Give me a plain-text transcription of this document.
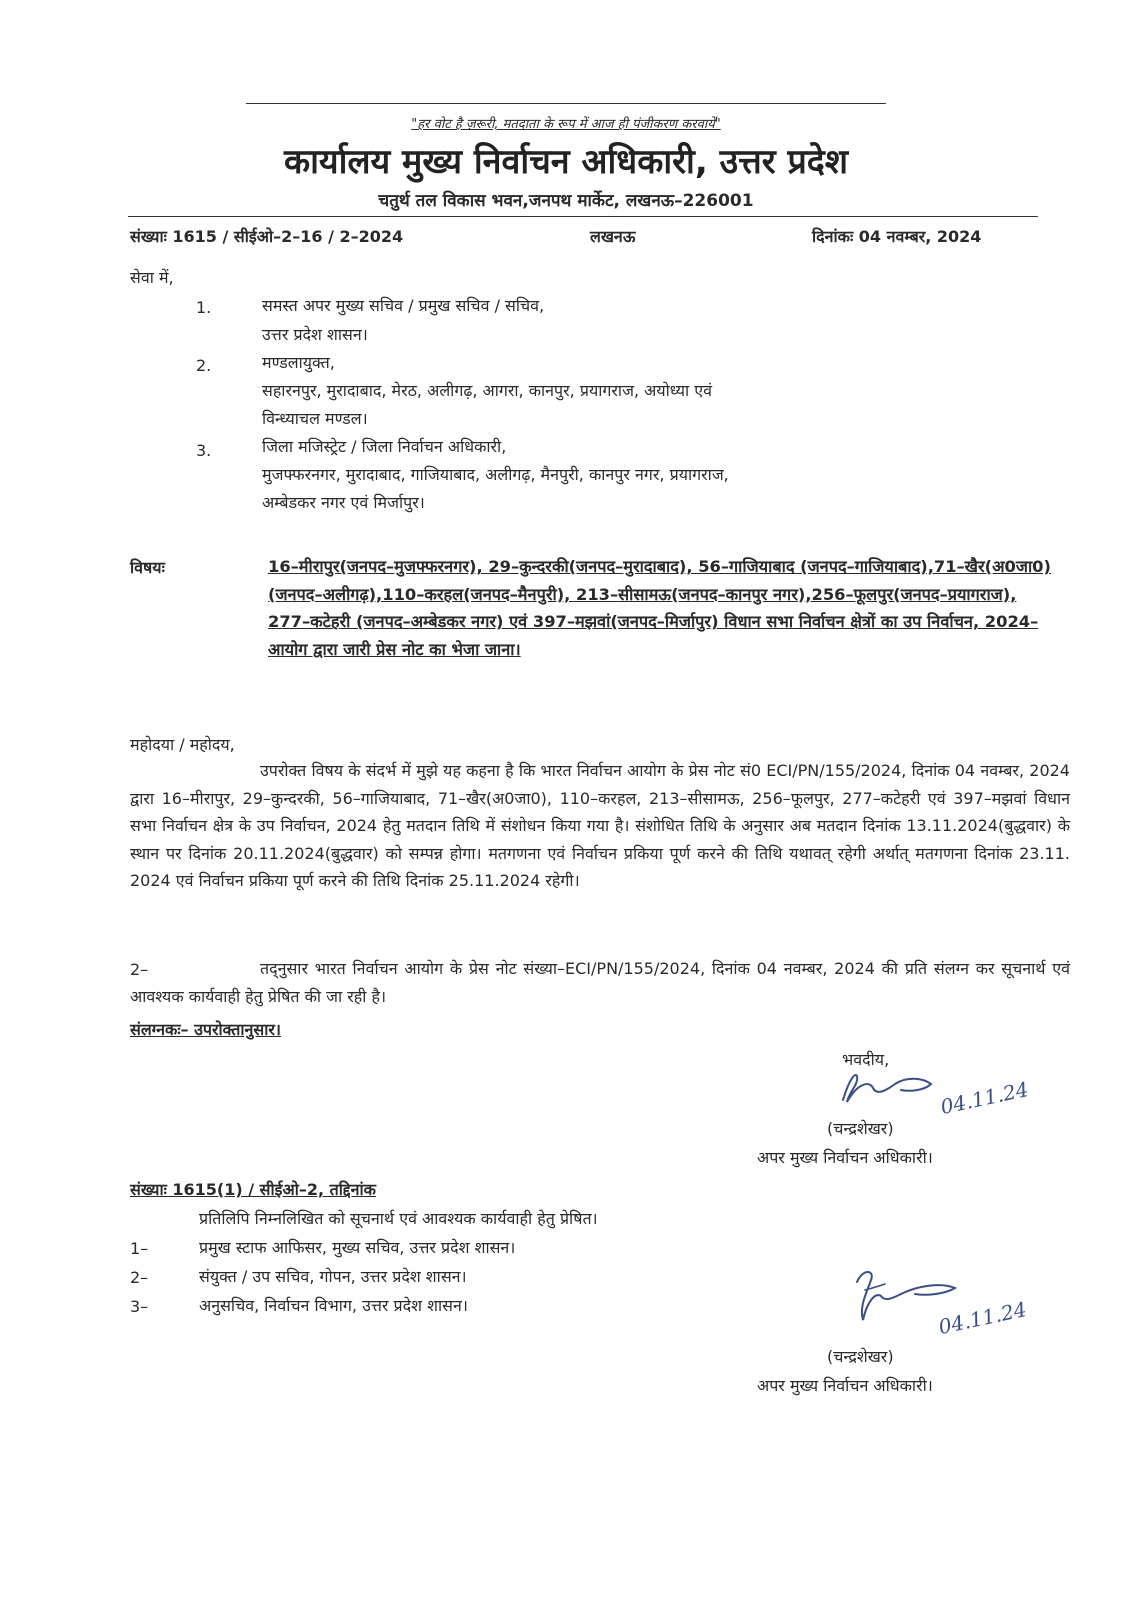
"हर वोट है ज़रूरी, मतदाता के रूप में आज ही पंजीकरण करवायें"
कार्यालय मुख्य निर्वाचन अधिकारी, उत्तर प्रदेश
चतुर्थ तल विकास भवन,जनपथ मार्केट, लखनऊ–226001
संख्याः 1615 / सीईओ–2–16 / 2–2024	लखनऊ	दिनांकः 04 नवम्बर, 2024
सेवा में,
1.	समस्त अपर मुख्य सचिव / प्रमुख सचिव / सचिव,
उत्तर प्रदेश शासन।
2.	मण्डलायुक्त,
सहारनपुर, मुरादाबाद, मेरठ, अलीगढ़, आगरा, कानपुर, प्रयागराज, अयोध्या एवं
विन्ध्याचल मण्डल।
3.	जिला मजिस्ट्रेट / जिला निर्वाचन अधिकारी,
मुजफ्फरनगर, मुरादाबाद, गाजियाबाद, अलीगढ़, मैनपुरी, कानपुर नगर, प्रयागराज,
अम्बेडकर नगर एवं मिर्जापुर।
विषयः	16–मीरापुर(जनपद–मुजफ्फरनगर), 29–कुन्दरकी(जनपद–मुरादाबाद), 56–गाजियाबाद (जनपद–गाजियाबाद),71–खैर(अ0जा0)(जनपद–अलीगढ़),110–करहल(जनपद–मैनपुरी), 213–सीसामऊ(जनपद–कानपुर नगर),256–फूलपुर(जनपद–प्रयागराज), 277–कटेहरी (जनपद–अम्बेडकर नगर) एवं 397–मझवां(जनपद–मिर्जापुर) विधान सभा निर्वाचन क्षेत्रों का उप निर्वाचन, 2024– आयोग द्वारा जारी प्रेस नोट का भेजा जाना।
महोदया / महोदय,
उपरोक्त विषय के संदर्भ में मुझे यह कहना है कि भारत निर्वाचन आयोग के प्रेस नोट सं0 ECI/PN/155/2024, दिनांक 04 नवम्बर, 2024 द्वारा 16–मीरापुर, 29–कुन्दरकी, 56–गाजियाबाद, 71–खैर(अ0जा0), 110–करहल, 213–सीसामऊ, 256–फूलपुर, 277–कटेहरी एवं 397–मझवां विधान सभा निर्वाचन क्षेत्र के उप निर्वाचन, 2024 हेतु मतदान तिथि में संशोधन किया गया है। संशोधित तिथि के अनुसार अब मतदान दिनांक 13.11.2024(बुद्धवार) के स्थान पर दिनांक 20.11.2024(बुद्धवार) को सम्पन्न होगा। मतगणना एवं निर्वाचन प्रकिया पूर्ण करने की तिथि यथावत् रहेगी अर्थात् मतगणना दिनांक 23.11. 2024 एवं निर्वाचन प्रकिया पूर्ण करने की तिथि दिनांक 25.11.2024 रहेगी।
2–	तद्नुसार भारत निर्वाचन आयोग के प्रेस नोट संख्या–ECI/PN/155/2024, दिनांक 04 नवम्बर, 2024 की प्रति संलग्न कर सूचनार्थ एवं आवश्यक कार्यवाही हेतु प्रेषित की जा रही है।
संलग्नकः– उपरोक्तानुसार।
भवदीय,
04.11.24
(चन्द्रशेखर)
अपर मुख्य निर्वाचन अधिकारी।
संख्याः 1615(1) / सीईओ–2, तद्दिनांक
प्रतिलिपि निम्नलिखित को सूचनार्थ एवं आवश्यक कार्यवाही हेतु प्रेषित।
1–	प्रमुख स्टाफ आफिसर, मुख्य सचिव, उत्तर प्रदेश शासन।
2–	संयुक्त / उप सचिव, गोपन, उत्तर प्रदेश शासन।
3–	अनुसचिव, निर्वाचन विभाग, उत्तर प्रदेश शासन।	04.11.24
(चन्द्रशेखर)
अपर मुख्य निर्वाचन अधिकारी।
